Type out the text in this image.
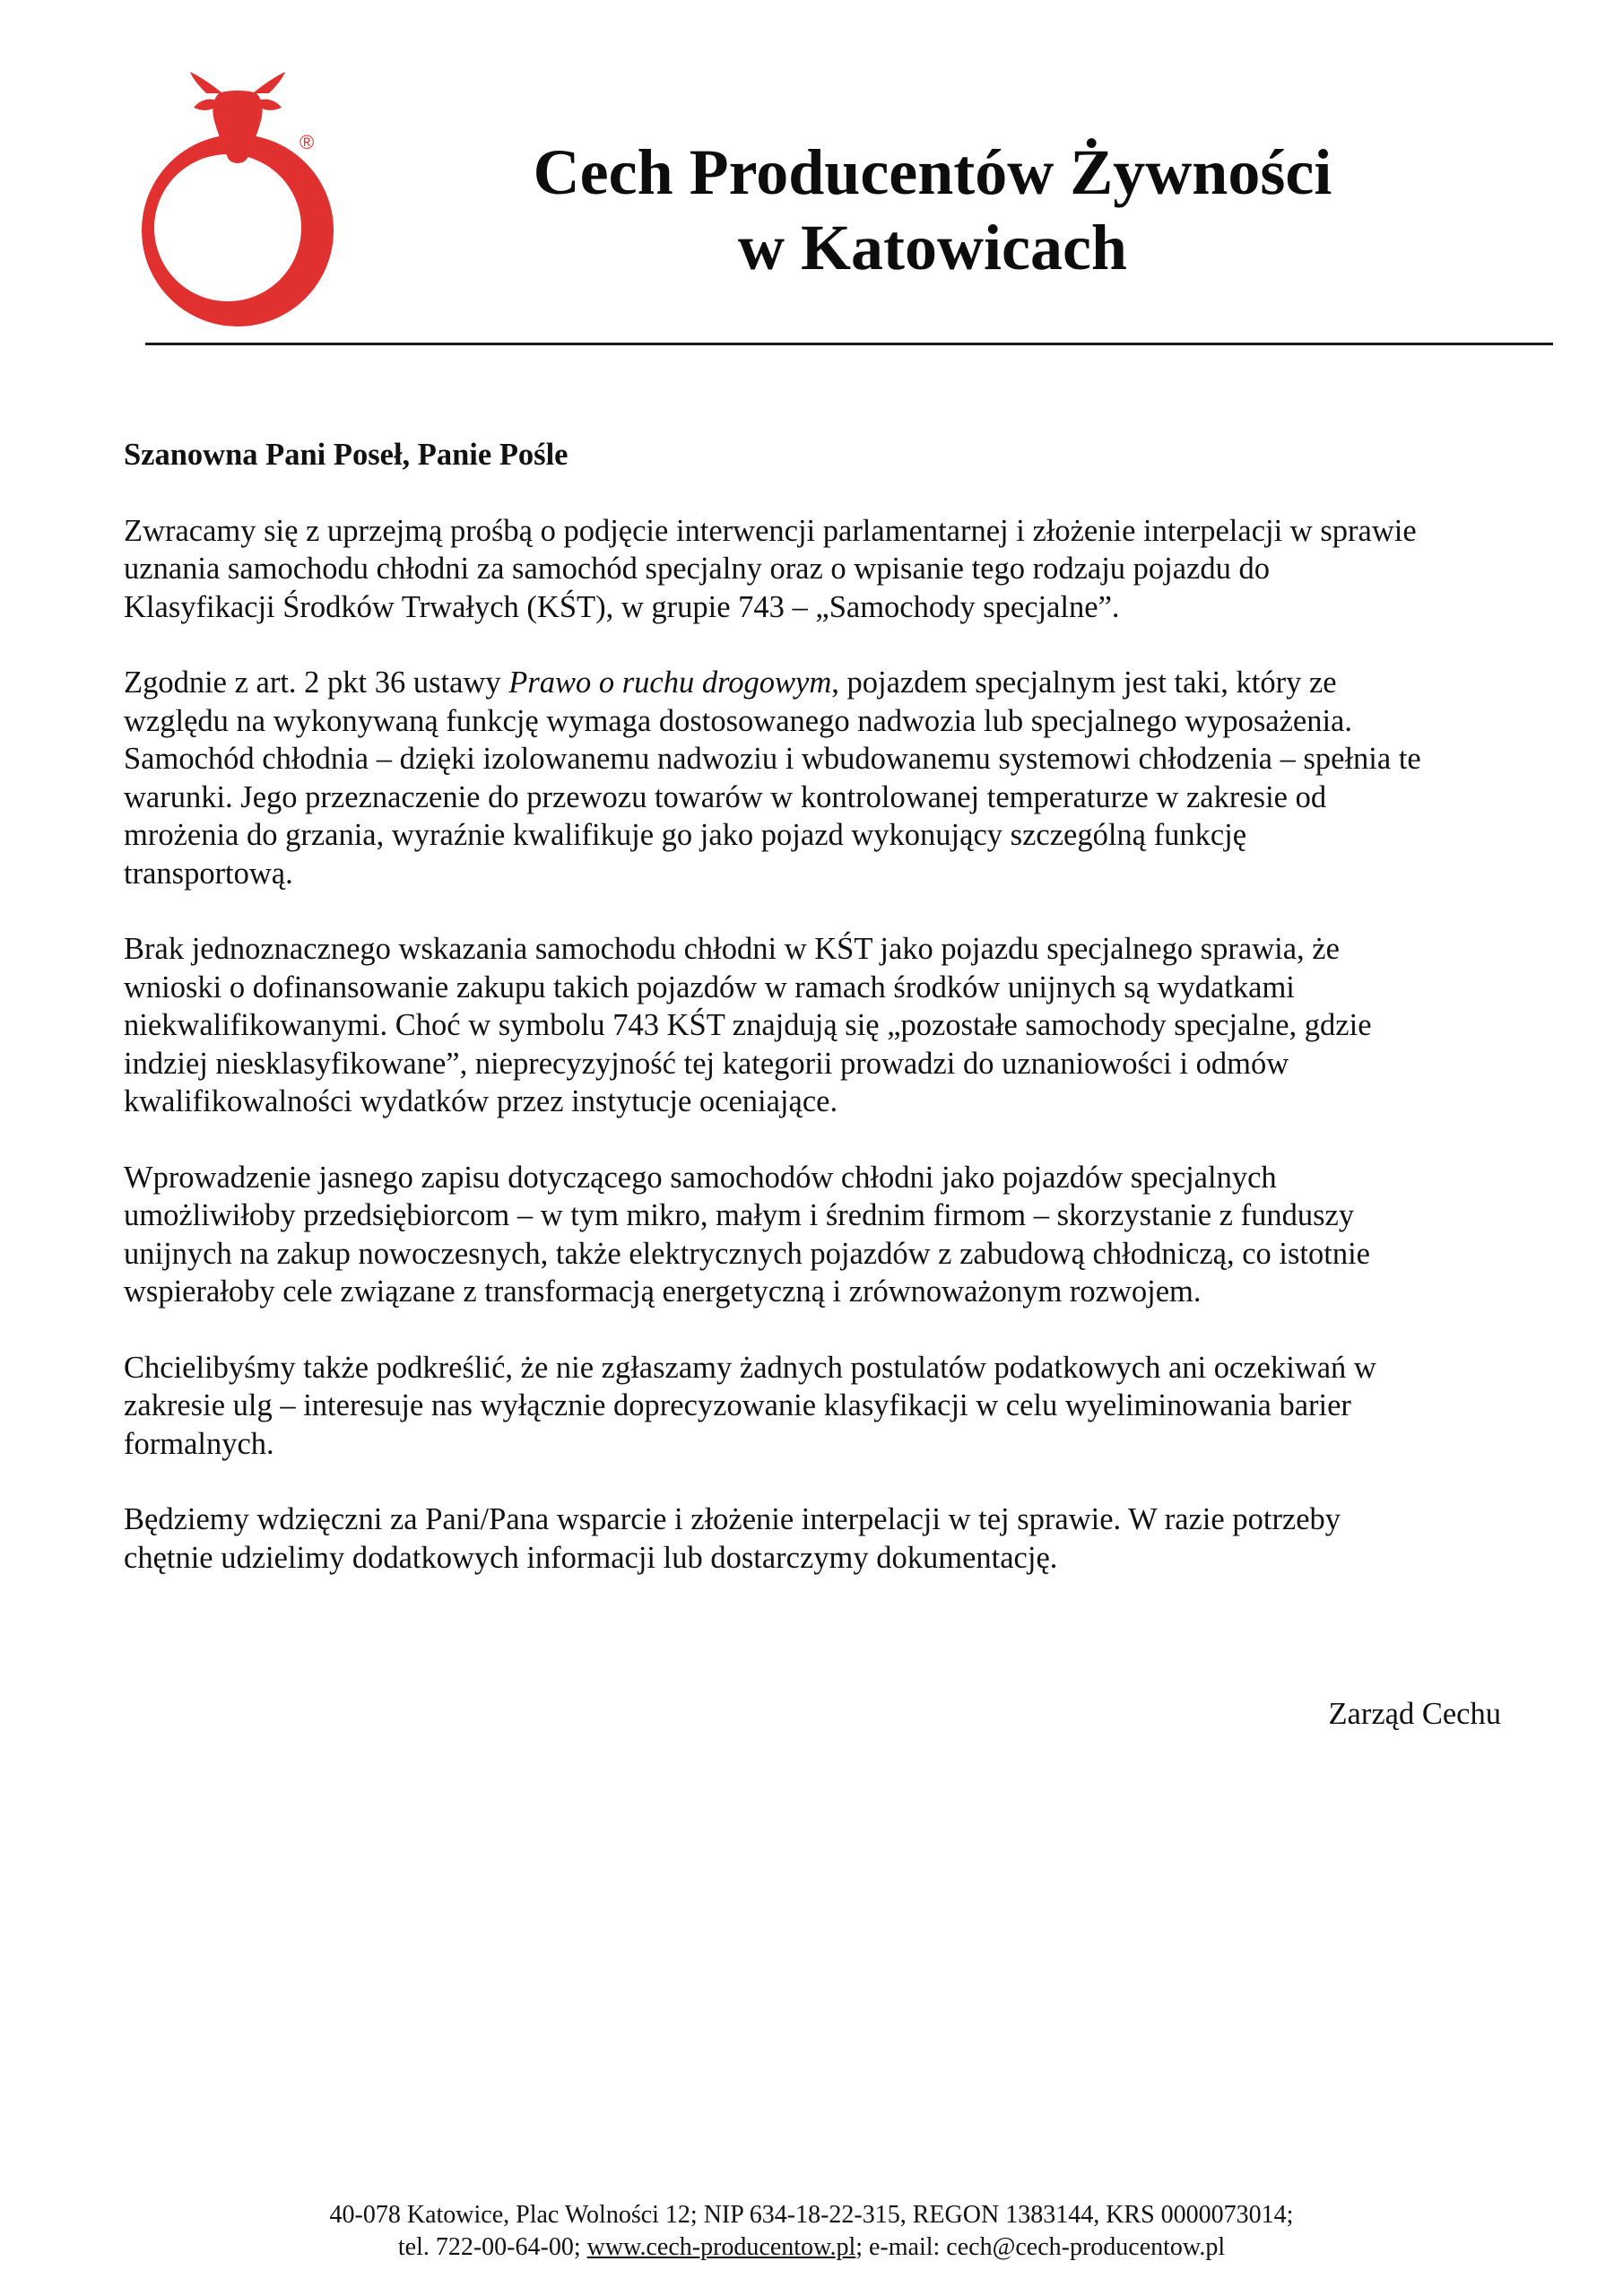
®	Cech Producentów Żywności
w Katowicach
Szanowna Pani Poseł, Panie Pośle
Zwracamy się z uprzejmą prośbą o podjęcie interwencji parlamentarnej i złożenie interpelacji w sprawie
uznania samochodu chłodni za samochód specjalny oraz o wpisanie tego rodzaju pojazdu do
Klasyfikacji Środków Trwałych (KŚT), w grupie 743 – „Samochody specjalne”.
Zgodnie z art. 2 pkt 36 ustawy Prawo o ruchu drogowym, pojazdem specjalnym jest taki, który ze
względu na wykonywaną funkcję wymaga dostosowanego nadwozia lub specjalnego wyposażenia.
Samochód chłodnia – dzięki izolowanemu nadwoziu i wbudowanemu systemowi chłodzenia – spełnia te
warunki. Jego przeznaczenie do przewozu towarów w kontrolowanej temperaturze w zakresie od
mrożenia do grzania, wyraźnie kwalifikuje go jako pojazd wykonujący szczególną funkcję
transportową.
Brak jednoznacznego wskazania samochodu chłodni w KŚT jako pojazdu specjalnego sprawia, że
wnioski o dofinansowanie zakupu takich pojazdów w ramach środków unijnych są wydatkami
niekwalifikowanymi. Choć w symbolu 743 KŚT znajdują się „pozostałe samochody specjalne, gdzie
indziej niesklasyfikowane”, nieprecyzyjność tej kategorii prowadzi do uznaniowości i odmów
kwalifikowalności wydatków przez instytucje oceniające.
Wprowadzenie jasnego zapisu dotyczącego samochodów chłodni jako pojazdów specjalnych
umożliwiłoby przedsiębiorcom – w tym mikro, małym i średnim firmom – skorzystanie z funduszy
unijnych na zakup nowoczesnych, także elektrycznych pojazdów z zabudową chłodniczą, co istotnie
wspierałoby cele związane z transformacją energetyczną i zrównoważonym rozwojem.
Chcielibyśmy także podkreślić, że nie zgłaszamy żadnych postulatów podatkowych ani oczekiwań w
zakresie ulg – interesuje nas wyłącznie doprecyzowanie klasyfikacji w celu wyeliminowania barier
formalnych.
Będziemy wdzięczni za Pani/Pana wsparcie i złożenie interpelacji w tej sprawie. W razie potrzeby
chętnie udzielimy dodatkowych informacji lub dostarczymy dokumentację.
Zarząd Cechu
40-078 Katowice, Plac Wolności 12; NIP 634-18-22-315, REGON 1383144, KRS 0000073014;
tel. 722-00-64-00; www.cech-producentow.pl; e-mail: cech@cech-producentow.pl
